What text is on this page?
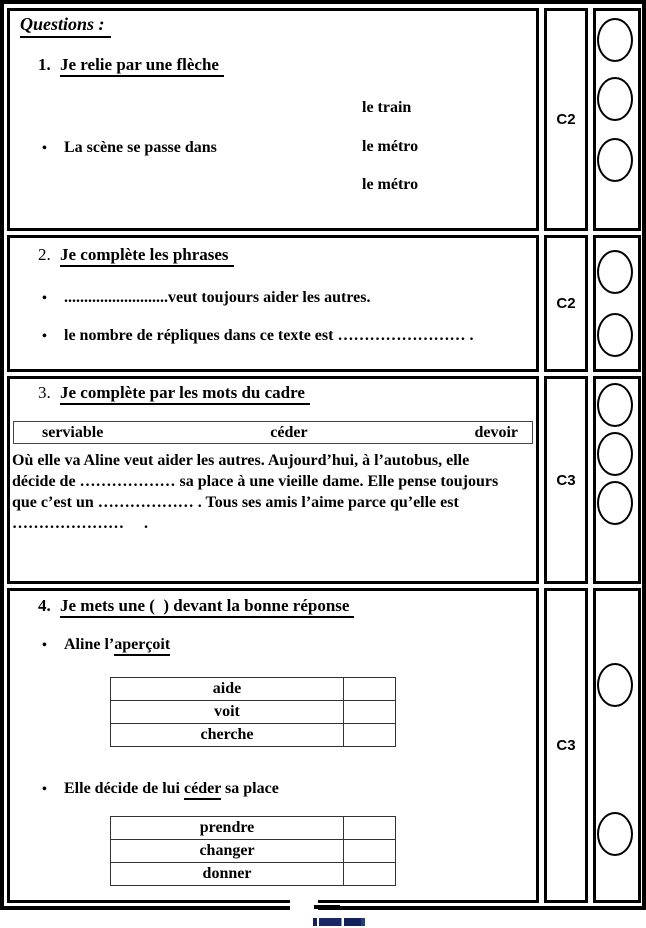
Questions :
1. Je relie par une flèche
le train
• La scène se passe dans	le métro
le métro
C2
2. Je complète les phrases
• ..........................veut toujours aider les autres.
• le nombre de répliques dans ce texte est …………………… .
C2
3. Je complète par les mots du cadre
serviable	céder	devoir
Où elle va Aline veut aider les autres. Aujourd’hui, à l’autobus, elle
décide de ……………… sa place à une vieille dame. Elle pense toujours
que c’est un ……………… . Tous ses amis l’aime parce qu’elle est
…………………     .
C3
4. Je mets une (  ) devant la bonne réponse
• Aline l’aperçoit
aide	
voit	
cherche	
• Elle décide de lui céder sa place
prendre	
changer	
donner	
C3
